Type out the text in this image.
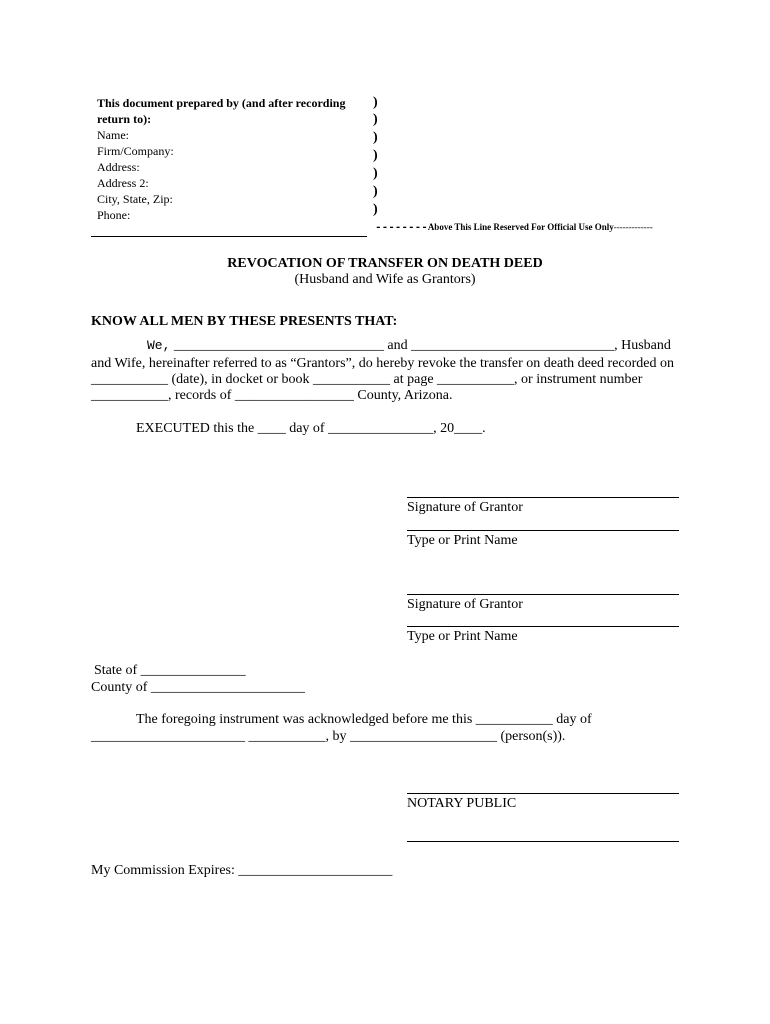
This document prepared by (and after recording
return to):
Name:
Firm/Company:
Address:
Address 2:
City, State, Zip:
Phone:
)
)
)
)
)
)
)
--------Above This Line Reserved For Official Use Only-------------
REVOCATION OF TRANSFER ON DEATH DEED
(Husband and Wife as Grantors)
KNOW ALL MEN BY THESE PRESENTS THAT:
We, ______________________________ and _____________________________, Husband
and Wife, hereinafter referred to as “Grantors”, do hereby revoke the transfer on death deed recorded on
___________ (date), in docket or book ___________ at page ___________, or instrument number
___________, records of _________________ County, Arizona.
EXECUTED this the ____ day of _______________, 20____.
Signature of Grantor
Type or Print Name
Signature of Grantor
Type or Print Name
State of _______________
County of ______________________
The foregoing instrument was acknowledged before me this ___________ day of
______________________ ___________, by _____________________ (person(s)).
NOTARY PUBLIC
My Commission Expires: ______________________
